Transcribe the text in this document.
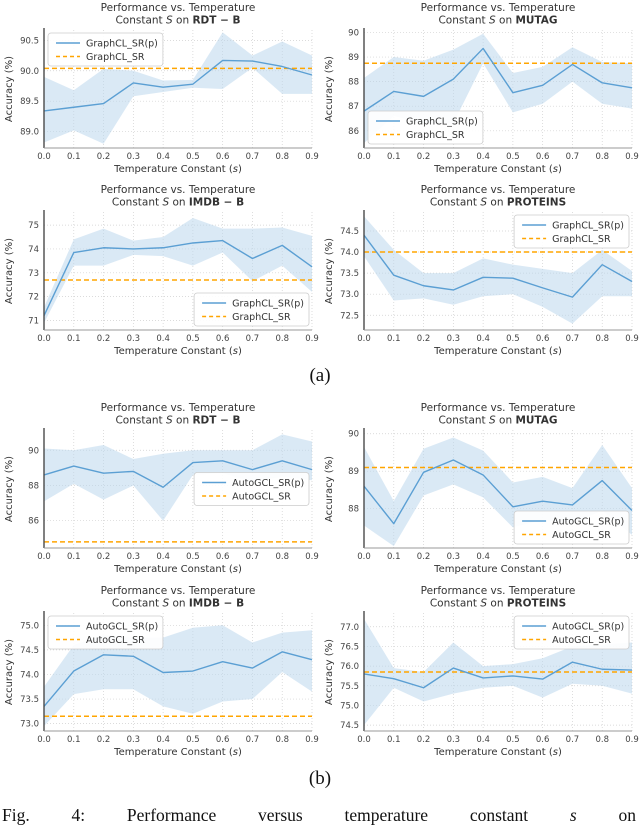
Performance vs. Temperature
Constant S on RDT − B
89.0
89.5
90.0
90.5
0.0 0.1 0.2 0.3 0.4 0.5 0.6 0.7 0.8 0.9
Accuracy (%)
Temperature Constant (s)
GraphCL_SR(p)
GraphCL_SR
Performance vs. Temperature
Constant S on MUTAG
86
87
88
89
90
0.0 0.1 0.2 0.3 0.4 0.5 0.6 0.7 0.8 0.9
Accuracy (%)
Temperature Constant (s)
GraphCL_SR(p)
GraphCL_SR
Performance vs. Temperature
Constant S on IMDB − B
71
72
73
74
75
0.0 0.1 0.2 0.3 0.4 0.5 0.6 0.7 0.8 0.9
Accuracy (%)
Temperature Constant (s)
GraphCL_SR(p)
GraphCL_SR
Performance vs. Temperature
Constant S on PROTEINS
72.5
73.0
73.5
74.0
74.5
0.0 0.1 0.2 0.3 0.4 0.5 0.6 0.7 0.8 0.9
Accuracy (%)
Temperature Constant (s)
GraphCL_SR(p)
GraphCL_SR
(a)
Performance vs. Temperature
Constant S on RDT − B
86
88
90
0.0 0.1 0.2 0.3 0.4 0.5 0.6 0.7 0.8 0.9
Accuracy (%)
Temperature Constant (s)
AutoGCL_SR(p)
AutoGCL_SR
Performance vs. Temperature
Constant S on MUTAG
88
89
90
0.0 0.1 0.2 0.3 0.4 0.5 0.6 0.7 0.8 0.9
Accuracy (%)
Temperature Constant (s)
AutoGCL_SR(p)
AutoGCL_SR
Performance vs. Temperature
Constant S on IMDB − B
73.0
73.5
74.0
74.5
75.0
0.0 0.1 0.2 0.3 0.4 0.5 0.6 0.7 0.8 0.9
Accuracy (%)
Temperature Constant (s)
AutoGCL_SR(p)
AutoGCL_SR
Performance vs. Temperature
Constant S on PROTEINS
74.5
75.0
75.5
76.0
76.5
77.0
0.0 0.1 0.2 0.3 0.4 0.5 0.6 0.7 0.8 0.9
Accuracy (%)
Temperature Constant (s)
AutoGCL_SR(p)
AutoGCL_SR
(b)
Fig. 4: Performance versus temperature constant s on
